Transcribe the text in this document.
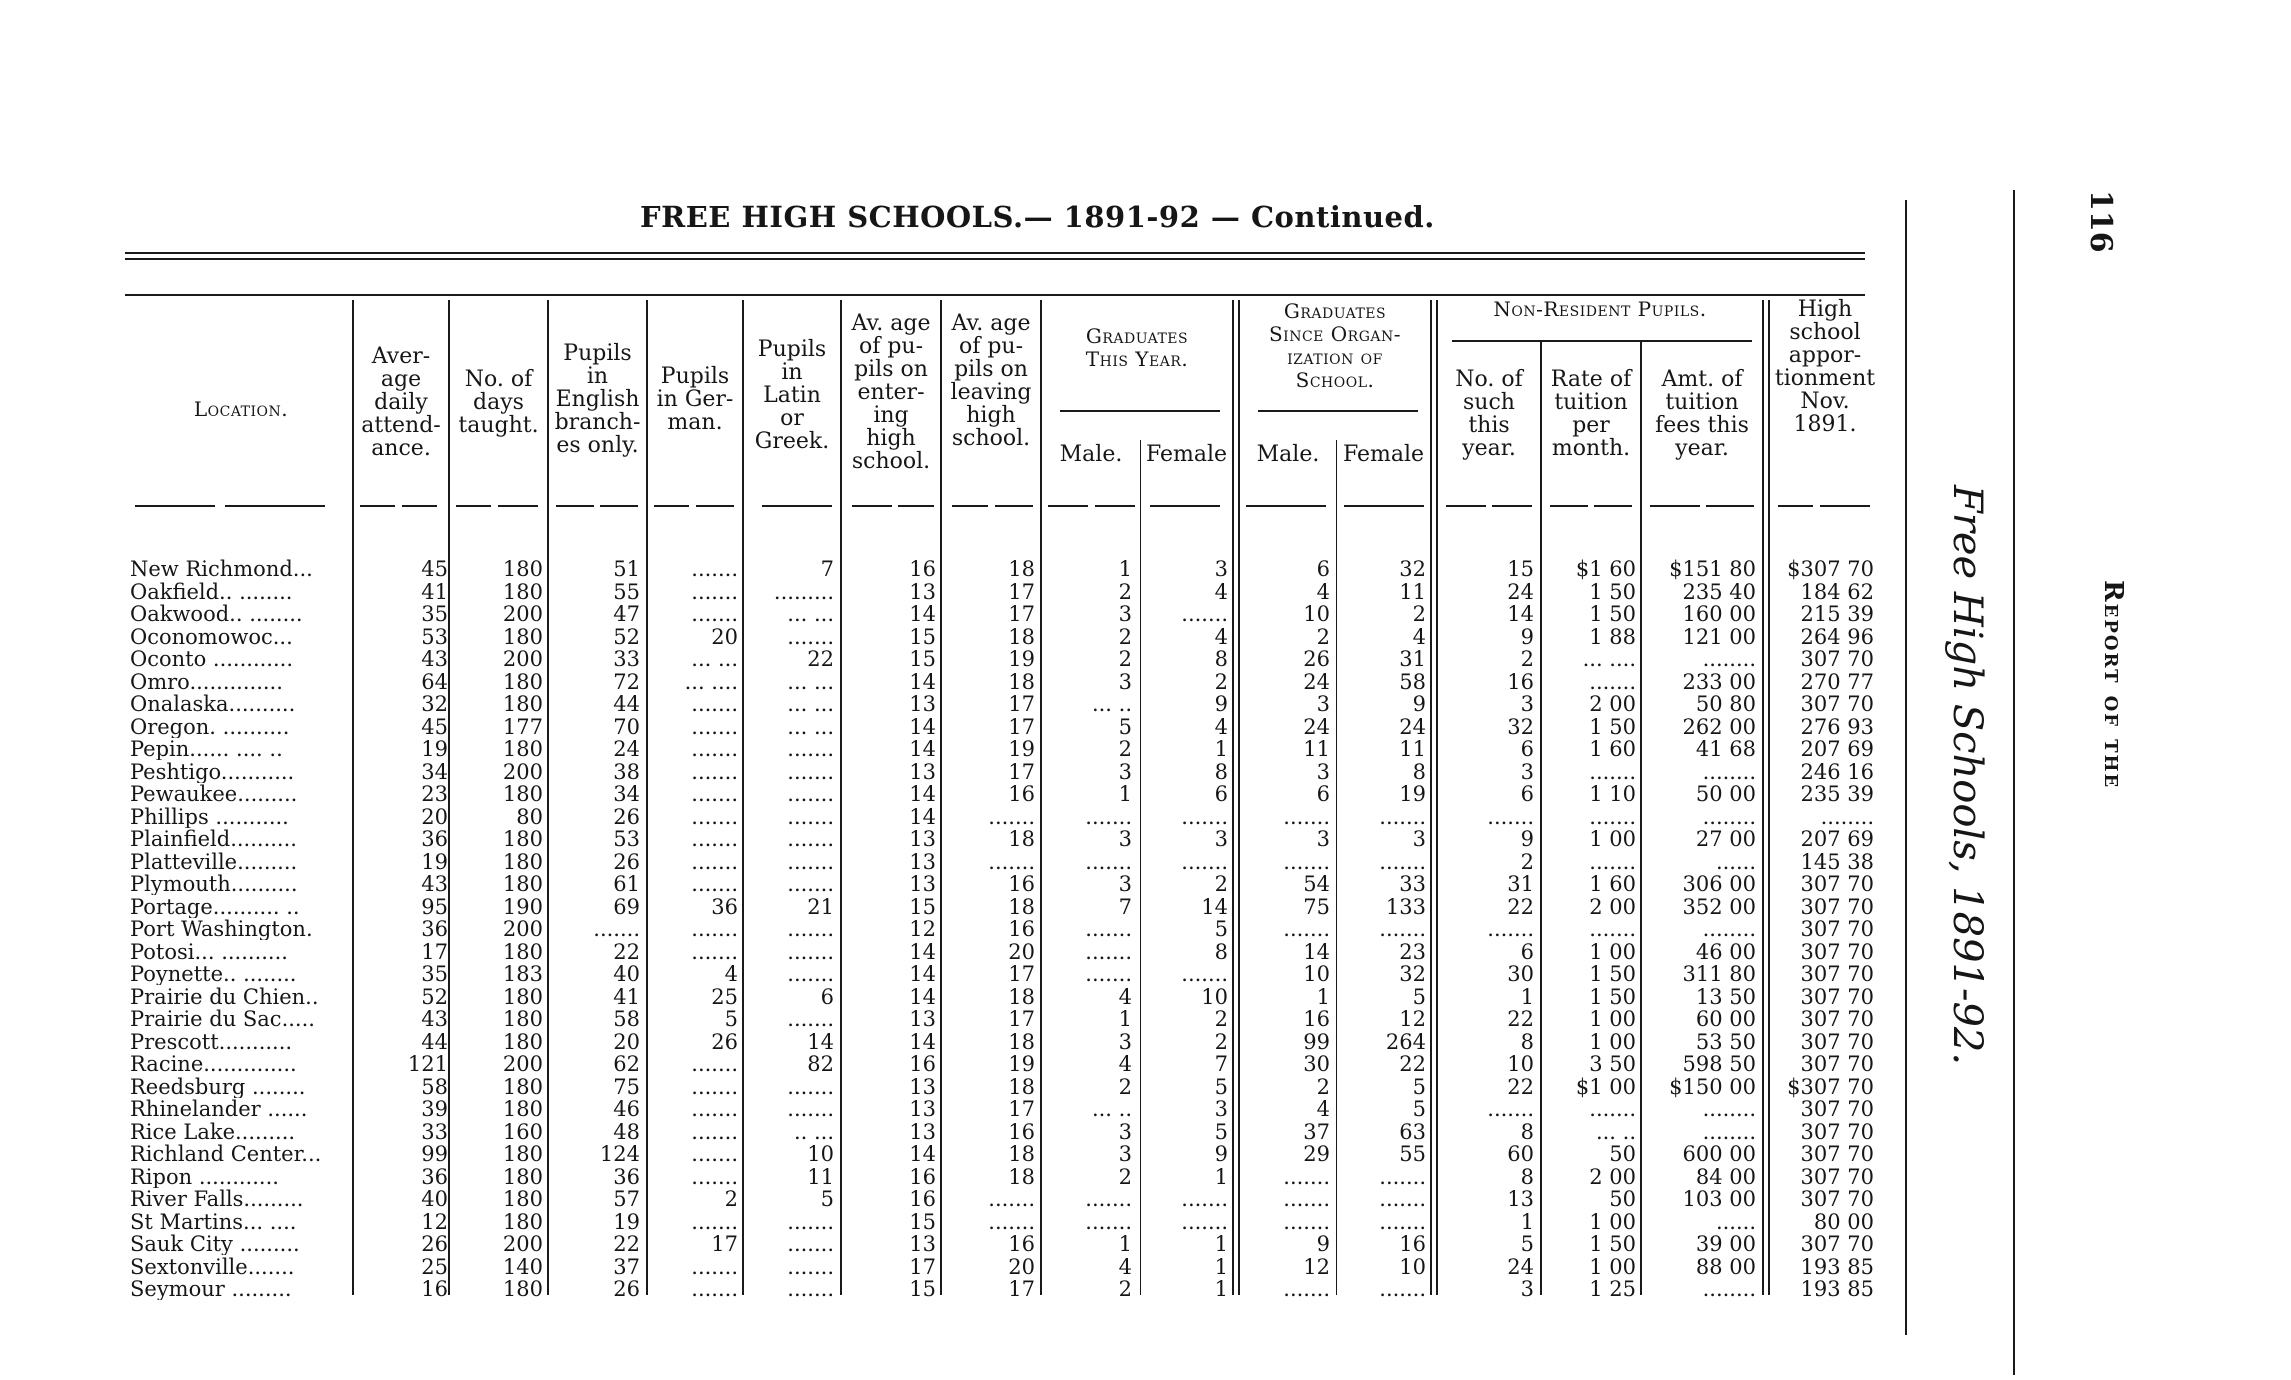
FREE HIGH SCHOOLS.— 1891-92 — Continued.
Location.
Aver-
age
daily
attend-
ance.
No. of
days
taught.
Pupils
in
English
branch-
es only.
Pupils
in Ger-
man.
Pupils
in
Latin
or
Greek.
Av. age
of pu-
pils on
enter-
ing
high
school.
Av. age
of pu-
pils on
leaving
high
school.
Graduates
This Year.
Male.	Female
Graduates
Since Organ-
ization of
School.
Male.	Female
Non-Resident Pupils.
No. of
such
this
year.
Rate of
tuition
per
month.
Amt. of
tuition
fees this
year.
High
school
appor-
tionment
Nov.
1891.
New Richmond...	45	180	51	.......	7	16	18	1	3	6	32	15	$1 60	$151 80	$307 70
Oakfield.. ........	41	180	55	.......	.........	13	17	2	4	4	11	24	1 50	235 40	184 62
Oakwood.. ........	35	200	47	.......	... ...	14	17	3	.......	10	2	14	1 50	160 00	215 39
Oconomowoc...	53	180	52	20	.......	15	18	2	4	2	4	9	1 88	121 00	264 96
Oconto ............	43	200	33	... ...	22	15	19	2	8	26	31	2	... ....	........	307 70
Omro..............	64	180	72	... ....	... ...	14	18	3	2	24	58	16	.......	233 00	270 77
Onalaska..........	32	180	44	.......	... ...	13	17	... ..	9	3	9	3	2 00	50 80	307 70
Oregon. ..........	45	177	70	.......	... ...	14	17	5	4	24	24	32	1 50	262 00	276 93
Pepin...... .... ..	19	180	24	.......	.......	14	19	2	1	11	11	6	1 60	41 68	207 69
Peshtigo...........	34	200	38	.......	.......	13	17	3	8	3	8	3	.......	........	246 16
Pewaukee.........	23	180	34	.......	.......	14	16	1	6	6	19	6	1 10	50 00	235 39
Phillips ...........	20	80	26	.......	.......	14	.......	.......	.......	.......	.......	.......	.......	........	........
Plainfield..........	36	180	53	.......	.......	13	18	3	3	3	3	9	1 00	27 00	207 69
Platteville.........	19	180	26	.......	.......	13	.......	.......	.......	.......	.......	2	.......	......	145 38
Plymouth..........	43	180	61	.......	.......	13	16	3	2	54	33	31	1 60	306 00	307 70
Portage.......... ..	95	190	69	36	21	15	18	7	14	75	133	22	2 00	352 00	307 70
Port Washington.	36	200	.......	.......	.......	12	16	.......	5	.......	.......	.......	.......	........	307 70
Potosi... ..........	17	180	22	.......	.......	14	20	.......	8	14	23	6	1 00	46 00	307 70
Poynette.. ........	35	183	40	4	.......	14	17	.......	.......	10	32	30	1 50	311 80	307 70
Prairie du Chien..	52	180	41	25	6	14	18	4	10	1	5	1	1 50	13 50	307 70
Prairie du Sac.....	43	180	58	5	.......	13	17	1	2	16	12	22	1 00	60 00	307 70
Prescott...........	44	180	20	26	14	14	18	3	2	99	264	8	1 00	53 50	307 70
Racine..............	121	200	62	.......	82	16	19	4	7	30	22	10	3 50	598 50	307 70
Reedsburg ........	58	180	75	.......	.......	13	18	2	5	2	5	22	$1 00	$150 00	$307 70
Rhinelander ......	39	180	46	.......	.......	13	17	... ..	3	4	5	.......	.......	........	307 70
Rice Lake.........	33	160	48	.......	.. ...	13	16	3	5	37	63	8	... ..	........	307 70
Richland Center...	99	180	124	.......	10	14	18	3	9	29	55	60	50	600 00	307 70
Ripon ............	36	180	36	.......	11	16	18	2	1	.......	.......	8	2 00	84 00	307 70
River Falls.........	40	180	57	2	5	16	.......	.......	.......	.......	.......	13	50	103 00	307 70
St Martins... ....	12	180	19	.......	.......	15	.......	.......	.......	.......	.......	1	1 00	......	80 00
Sauk City .........	26	200	22	17	.......	13	16	1	1	9	16	5	1 50	39 00	307 70
Sextonville.......	25	140	37	.......	.......	17	20	4	1	12	10	24	1 00	88 00	193 85
Seymour .........	16	180	26	.......	.......	15	17	2	1	.......	.......	3	1 25	........	193 85
Free High Schools, 1891-92.	Report of the
116
